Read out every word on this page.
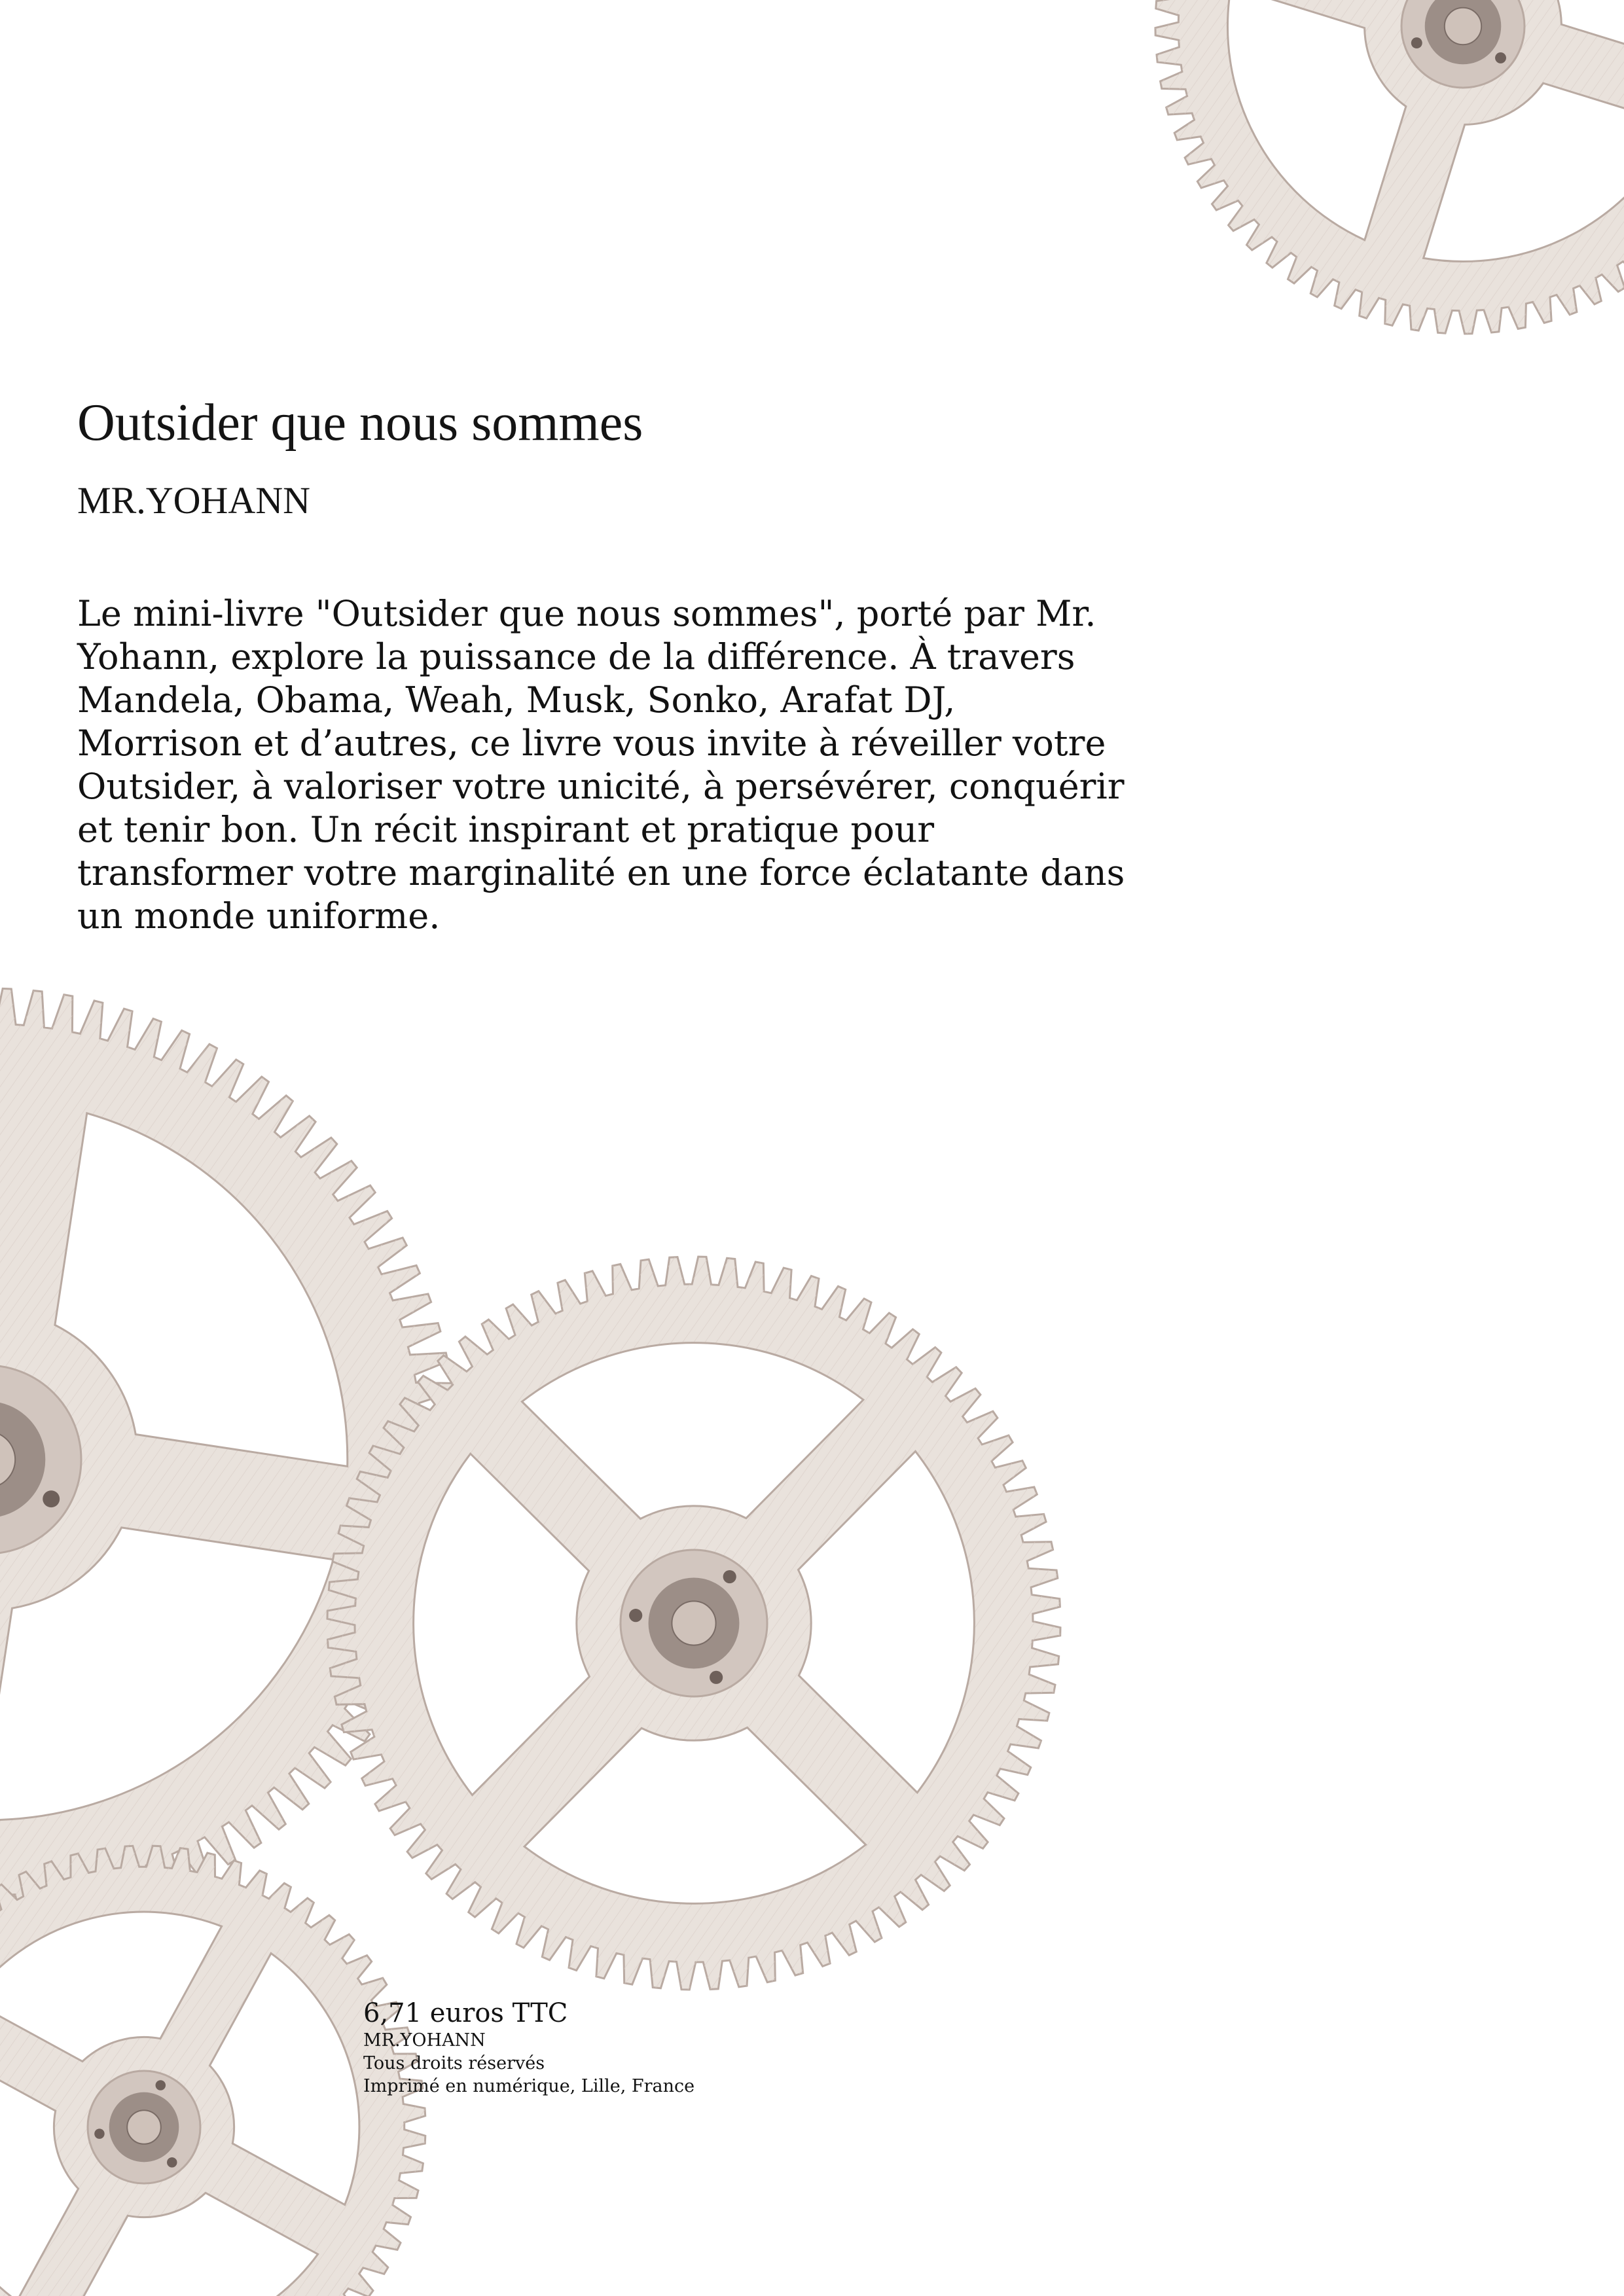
Outsider que nous sommes
MR.YOHANN
Le mini-livre "Outsider que nous sommes", porté par Mr.
Yohann, explore la puissance de la différence. À travers
Mandela, Obama, Weah, Musk, Sonko, Arafat DJ,
Morrison et d’autres, ce livre vous invite à réveiller votre
Outsider, à valoriser votre unicité, à persévérer, conquérir
et tenir bon. Un récit inspirant et pratique pour
transformer votre marginalité en une force éclatante dans
un monde uniforme.
6,71 euros TTC
MR.YOHANN
Tous droits réservés
Imprimé en numérique, Lille, France
